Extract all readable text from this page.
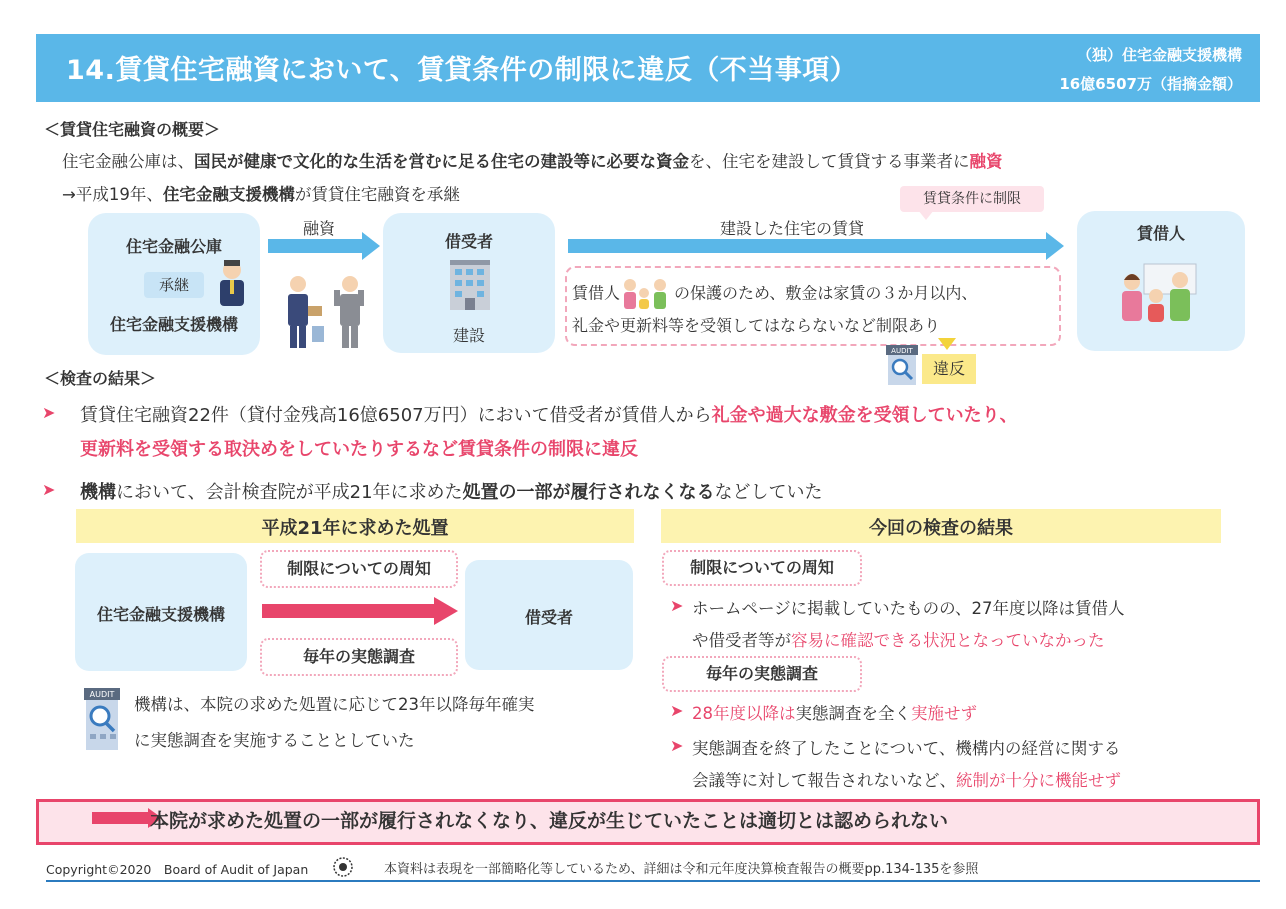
14.賃貸住宅融資において、賃貸条件の制限に違反（不当事項）	（独）住宅金融支援機構
16億6507万（指摘金額）
＜賃貸住宅融資の概要＞
住宅金融公庫は、国民が健康で文化的な生活を営むに足る住宅の建設等に必要な資金を、住宅を建設して賃貸する事業者に融資
→平成19年、住宅金融支援機構が賃貸住宅融資を承継
住宅金融公庫
承継
住宅金融支援機構
融資
借受者
建設
建設した住宅の賃貸
賃貸条件に制限
賃借人	の保護のため、敷金は家賃の３か月以内、
礼金や更新料等を受領してはならないなど制限あり
違反
AUDIT
賃借人
＜検査の結果＞
➤ 賃貸住宅融資22件（貸付金残高16億6507万円）において借受者が賃借人から礼金や過大な敷金を受領していたり、
更新料を受領する取決めをしていたりするなど賃貸条件の制限に違反
➤ 機構において、会計検査院が平成21年に求めた処置の一部が履行されなくなるなどしていた
平成21年に求めた処置
住宅金融支援機構	借受者
制限についての周知
毎年の実態調査
AUDIT
機構は、本院の求めた処置に応じて23年以降毎年確実
に実態調査を実施することとしていた
今回の検査の結果
制限についての周知
➤ ホームページに掲載していたものの、27年度以降は賃借人
や借受者等が容易に確認できる状況となっていなかった
毎年の実態調査
➤ 28年度以降は実態調査を全く実施せず
➤ 実態調査を終了したことについて、機構内の経営に関する
会議等に対して報告されないなど、統制が十分に機能せず
本院が求めた処置の一部が履行されなくなり、違反が生じていたことは適切とは認められない
Copyright©2020　Board of Audit of Japan	本資料は表現を一部簡略化等しているため、詳細は令和元年度決算検査報告の概要pp.134-135を参照
